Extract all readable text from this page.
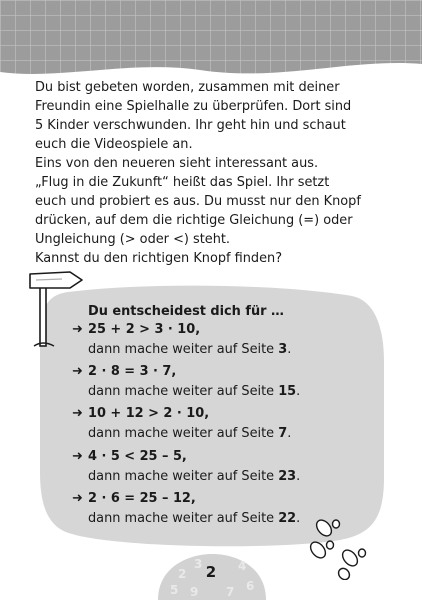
Du bist gebeten worden, zusammen mit deiner

Freundin eine Spielhalle zu überprüfen. Dort sind

5 Kinder verschwunden. Ihr geht hin und schaut

euch die Videospiele an.

Eins von den neueren sieht interessant aus.

„Flug in die Zukunft“ heißt das Spiel. Ihr setzt

euch und probiert es aus. Du musst nur den Knopf

drücken, auf dem die richtige Gleichung (=) oder

Ungleichung (> oder <) steht.

Kannst du den richtigen Knopf finden?

Du entscheidest dich für …

➜ 25 + 2 > 3 · 10,
dann mache weiter auf Seite 3.
➜ 2 · 8 = 3 · 7,
dann mache weiter auf Seite 15.
➜ 10 + 12 > 2 · 10,
dann mache weiter auf Seite 7.
➜ 4 · 5 < 25 – 5,
dann mache weiter auf Seite 23.
➜ 2 · 6 = 25 – 12,
dann mache weiter auf Seite 22.
2
3	4
5	6
7
9
2
